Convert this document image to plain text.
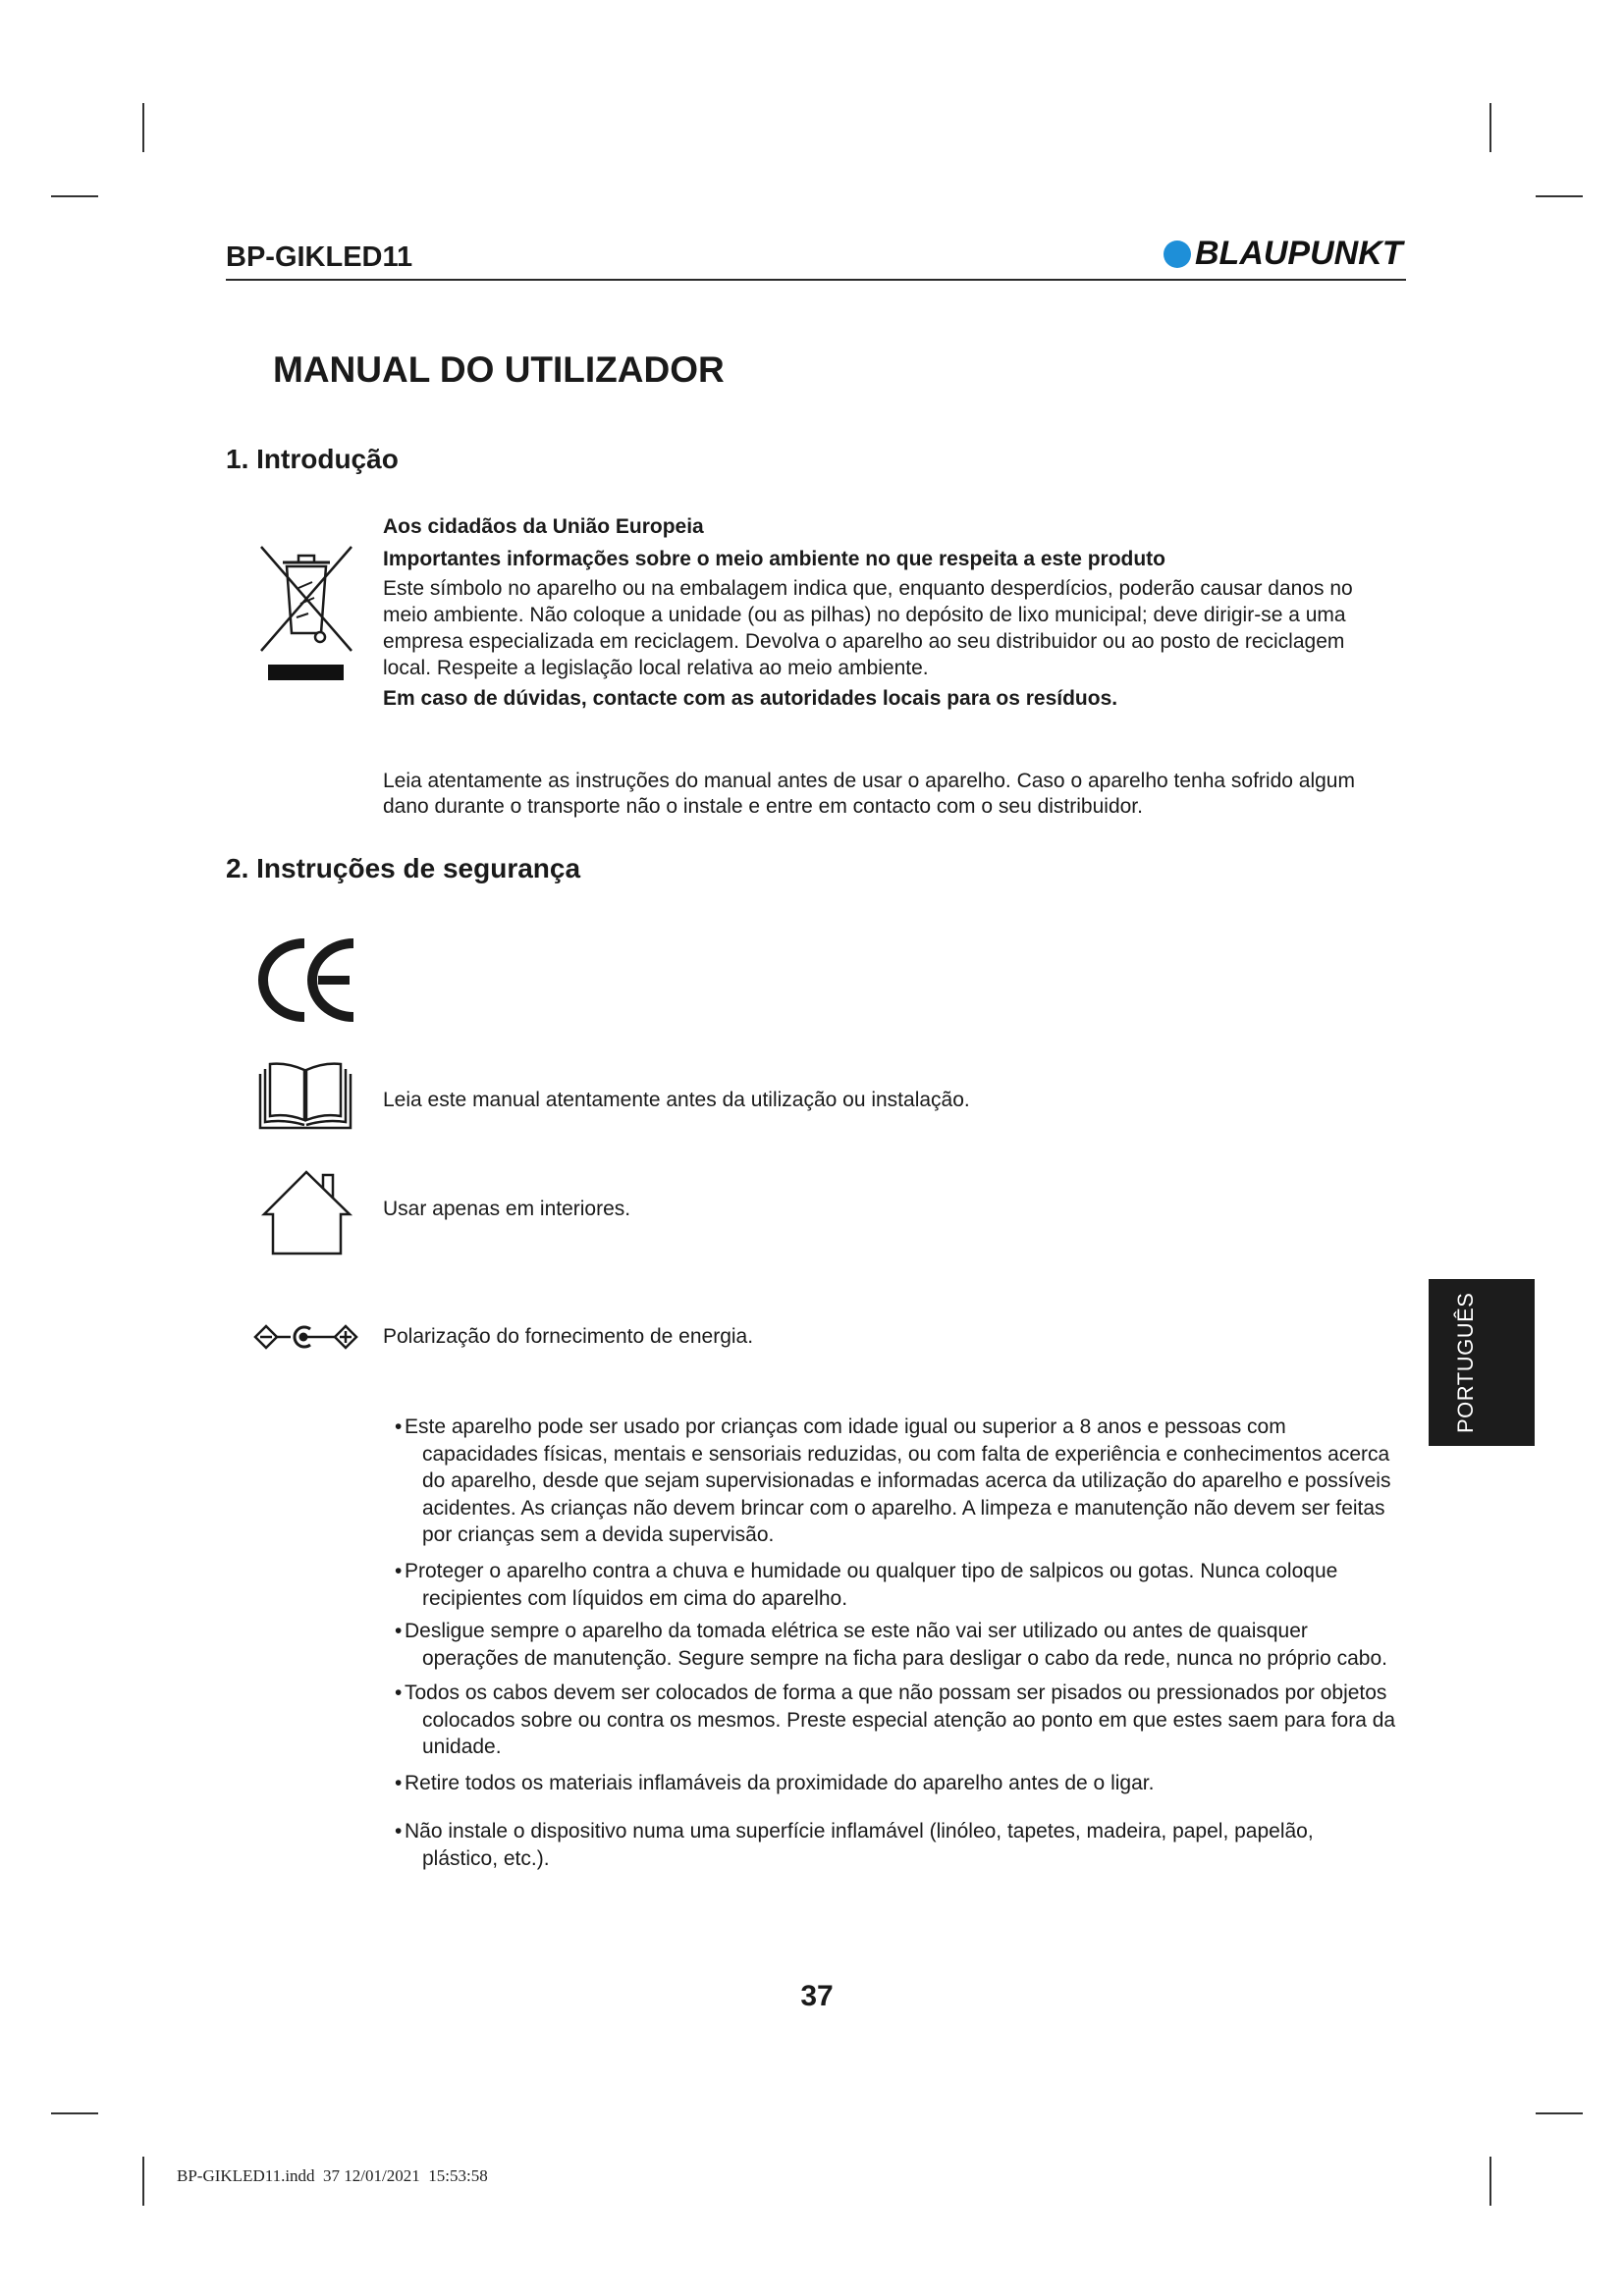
BP-GIKLED11	BLAUPUNKT
MANUAL DO UTILIZADOR
1. Introdução
Aos cidadãos da União Europeia
Importantes informações sobre o meio ambiente no que respeita a este produto
Este símbolo no aparelho ou na embalagem indica que, enquanto desperdícios, poderão causar danos no
meio ambiente. Não coloque a unidade (ou as pilhas) no depósito de lixo municipal; deve dirigir-se a uma
empresa especializada em reciclagem. Devolva o aparelho ao seu distribuidor ou ao posto de reciclagem
local. Respeite a legislação local relativa ao meio ambiente.
Em caso de dúvidas, contacte com as autoridades locais para os resíduos.
Leia atentamente as instruções do manual antes de usar o aparelho. Caso o aparelho tenha sofrido algum
dano durante o transporte não o instale e entre em contacto com o seu distribuidor.
2. Instruções de segurança
Leia este manual atentamente antes da utilização ou instalação.
Usar apenas em interiores.
Polarização do fornecimento de energia.	PORTUGUÊS
• Este aparelho pode ser usado por crianças com idade igual ou superior a 8 anos e pessoas com
capacidades físicas, mentais e sensoriais reduzidas, ou com falta de experiência e conhecimentos acerca
do aparelho, desde que sejam supervisionadas e informadas acerca da utilização do aparelho e possíveis
acidentes. As crianças não devem brincar com o aparelho. A limpeza e manutenção não devem ser feitas
por crianças sem a devida supervisão.
• Proteger o aparelho contra a chuva e humidade ou qualquer tipo de salpicos ou gotas. Nunca coloque
recipientes com líquidos em cima do aparelho.
• Desligue sempre o aparelho da tomada elétrica se este não vai ser utilizado ou antes de quaisquer
operações de manutenção. Segure sempre na ficha para desligar o cabo da rede, nunca no próprio cabo.
• Todos os cabos devem ser colocados de forma a que não possam ser pisados ou pressionados por objetos
colocados sobre ou contra os mesmos. Preste especial atenção ao ponto em que estes saem para fora da
unidade.
• Retire todos os materiais inflamáveis da proximidade do aparelho antes de o ligar.
• Não instale o dispositivo numa uma superfície inflamável (linóleo, tapetes, madeira, papel, papelão,
plástico, etc.).
37
BP-GIKLED11.indd  37 12/01/2021  15:53:58
